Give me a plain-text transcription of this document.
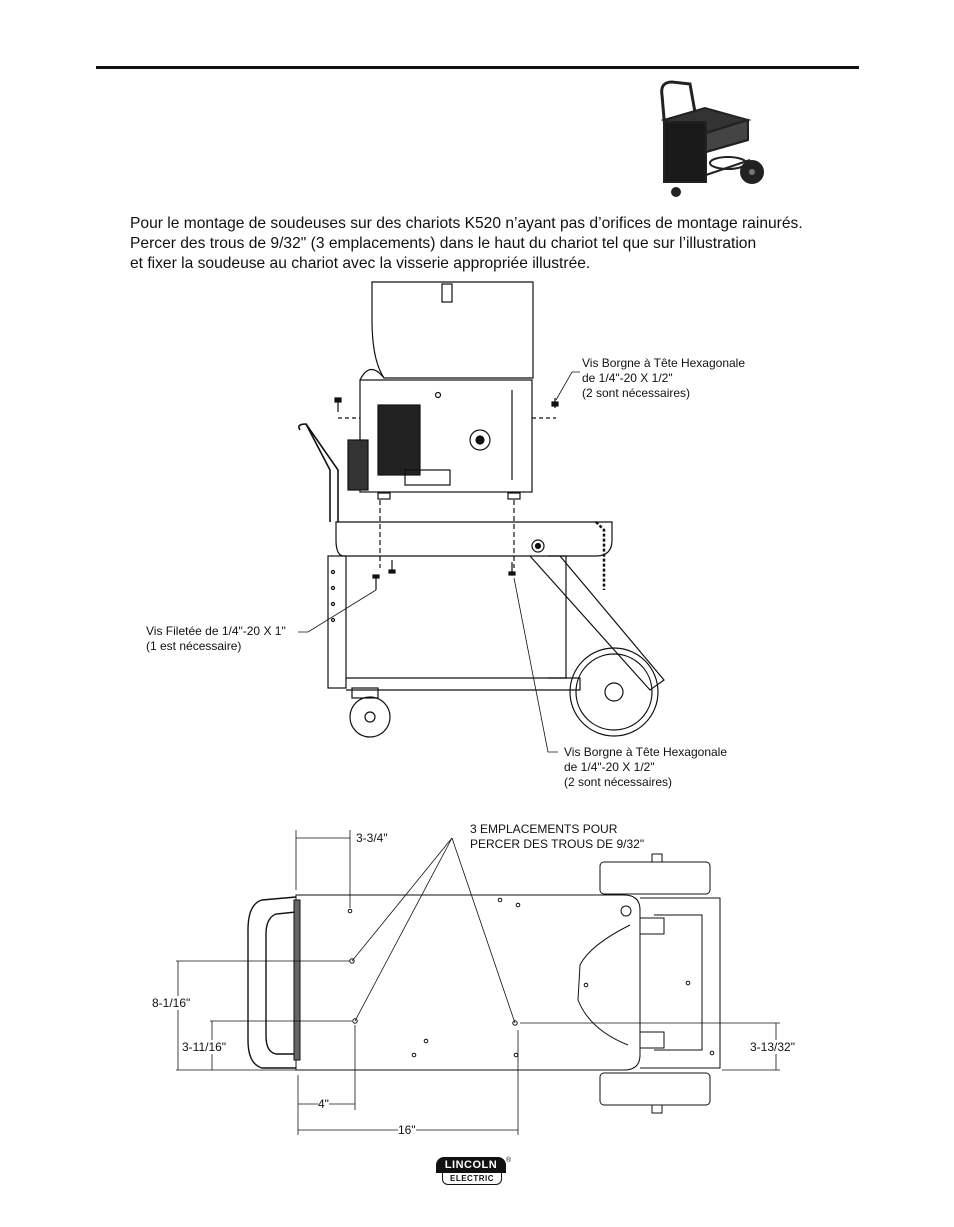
Pour le montage de soudeuses sur des chariots K520 n’ayant pas d’orifices de montage rainurés.
Percer des trous de 9/32" (3 emplacements) dans le haut du chariot tel que sur l’illustration
et fixer la soudeuse au chariot avec la visserie appropriée illustrée.
Vis Borgne à Tête Hexagonale
de 1/4"-20 X 1/2"
(2 sont nécessaires)
Vis Filetée de 1/4"-20 X 1"
(1 est nécessaire)
Vis Borgne à Tête Hexagonale
de 1/4"-20 X 1/2"
(2 sont nécessaires)
3 EMPLACEMENTS POUR
PERCER DES TROUS DE 9/32"
3-3/4"
8-1/16"
3-11/16"
4"
16"
3-13/32"
LINCOLN
ELECTRIC
®
